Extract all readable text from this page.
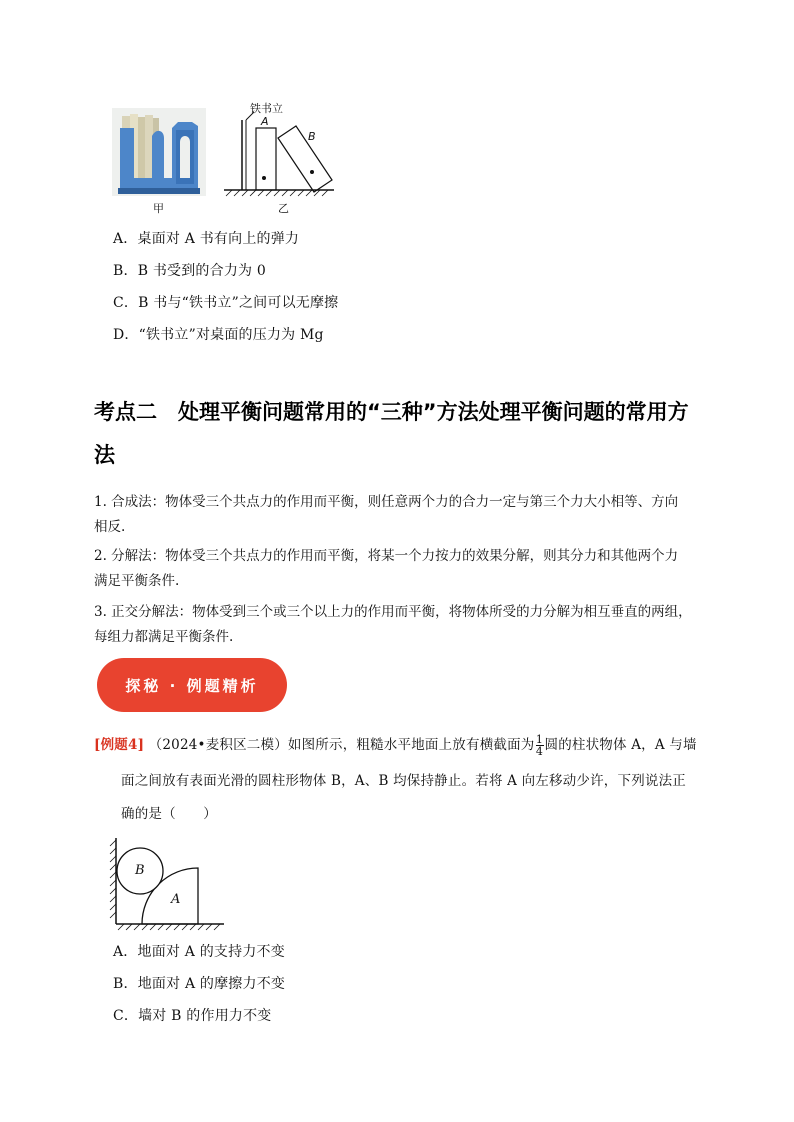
甲
铁书立
A
B
乙
A．桌面对 A 书有向上的弹力
B．B 书受到的合力为 0
C．B 书与“铁书立”之间可以无摩擦
D．“铁书立”对桌面的压力为 Mg
考点二　处理平衡问题常用的“三种”方法处理平衡问题的常用方
法
1. 合成法：物体受三个共点力的作用而平衡，则任意两个力的合力一定与第三个力大小相等、方向
相反.
2. 分解法：物体受三个共点力的作用而平衡，将某一个力按力的效果分解，则其分力和其他两个力
满足平衡条件.
3. 正交分解法：物体受到三个或三个以上力的作用而平衡，将物体所受的力分解为相互垂直的两组，
每组力都满足平衡条件.
探秘 · 例题精析
[例题4] （2024•麦积区二模）如图所示，粗糙水平地面上放有横截面为 $\frac{1}{4}$ 圆的柱状物体 A，A 与墙
面之间放有表面光滑的圆柱形物体 B，A、B 均保持静止。若将 A 向左移动少许，下列说法正
确的是（　　）
B
A
A．地面对 A 的支持力不变
B．地面对 A 的摩擦力不变
C．墙对 B 的作用力不变
